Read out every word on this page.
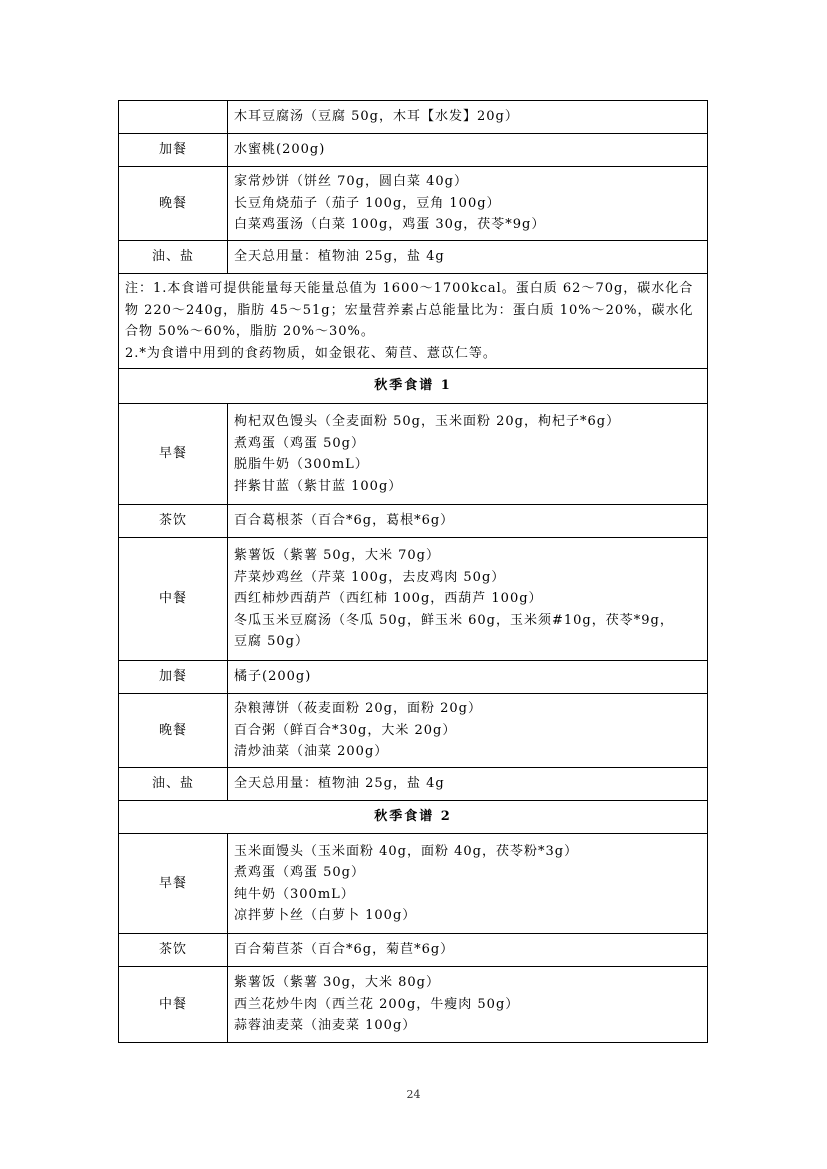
	木耳豆腐汤（豆腐 50g，木耳【水发】20g）

加餐	水蜜桃(200g)

晚餐	家常炒饼（饼丝 70g，圆白菜 40g）
长豆角烧茄子（茄子 100g，豆角 100g）
白菜鸡蛋汤（白菜 100g，鸡蛋 30g，茯苓*9g）

油、盐	全天总用量：植物油 25g，盐 4g

注：1.本食谱可提供能量每天能量总值为 1600～1700kcal。蛋白质 62～70g，碳水化合物 220～240g，脂肪 45～51g；宏量营养素占总能量比为：蛋白质 10%～20%，碳水化合物 50%～60%，脂肪 20%～30%。
2.*为食谱中用到的食药物质，如金银花、菊苣、薏苡仁等。	

秋季食谱 1	
早餐	枸杞双色馒头（全麦面粉 50g，玉米面粉 20g，枸杞子*6g）
煮鸡蛋（鸡蛋 50g）
脱脂牛奶（300mL）
拌紫甘蓝（紫甘蓝 100g）

茶饮	百合葛根茶（百合*6g，葛根*6g）

中餐	紫薯饭（紫薯 50g，大米 70g）
芹菜炒鸡丝（芹菜 100g，去皮鸡肉 50g）
西红柿炒西葫芦（西红柿 100g，西葫芦 100g）
冬瓜玉米豆腐汤（冬瓜 50g，鲜玉米 60g，玉米须#10g，茯苓*9g，
豆腐 50g）

加餐	橘子(200g)

晚餐	杂粮薄饼（莜麦面粉 20g，面粉 20g）
百合粥（鲜百合*30g，大米 20g）
清炒油菜（油菜 200g）

油、盐	全天总用量：植物油 25g，盐 4g

秋季食谱 2	
早餐	玉米面馒头（玉米面粉 40g，面粉 40g，茯苓粉*3g）
煮鸡蛋（鸡蛋 50g）
纯牛奶（300mL）
凉拌萝卜丝（白萝卜 100g）

茶饮	百合菊苣茶（百合*6g，菊苣*6g）

中餐	紫薯饭（紫薯 30g，大米 80g）
西兰花炒牛肉（西兰花 200g，牛瘦肉 50g）
蒜蓉油麦菜（油麦菜 100g）
24
